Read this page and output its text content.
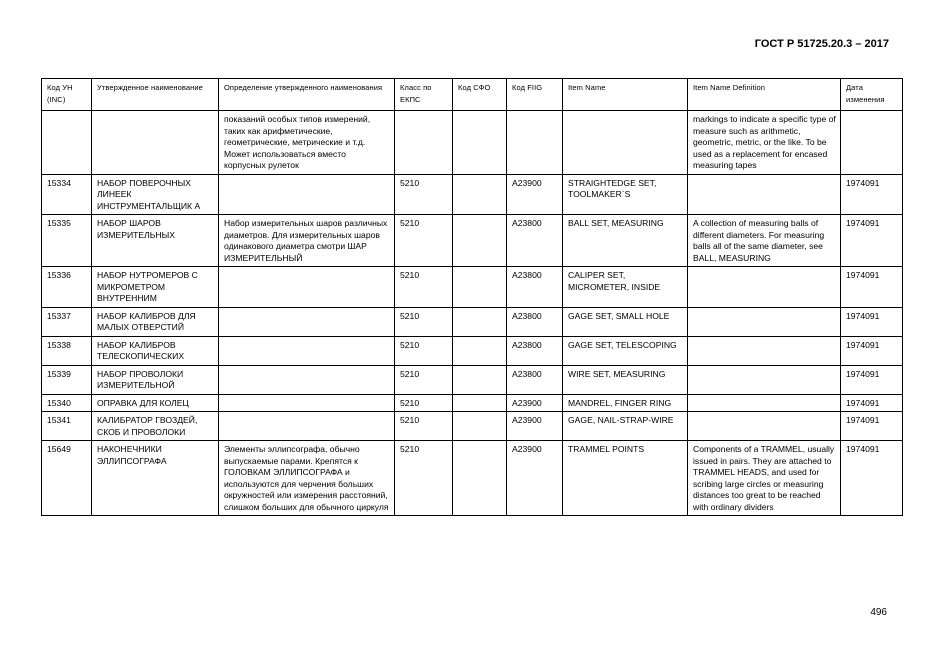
ГОСТ Р 51725.20.3 – 2017
Код УН (INC)	Утвержденное наименование	Определение утвержденного наименования	Класс по ЕКПС	Код СФО	Код FIIG	Item Name	Item Name Definition	Дата изменения
		показаний особых типов измерений, таких как арифметические, геометрические, метрические и т.д. Может использоваться вместо корпусных рулеток					markings to indicate a specific type of measure such as arithmetic, geometric, metric, or the like. To be used as a replacement for encased measuring tapes	
15334	НАБОР ПОВЕРОЧНЫХ ЛИНЕЕК ИНСТРУМЕНТАЛЬЩИК А		5210		A23900	STRAIGHTEDGE SET, TOOLMAKER`S		1974091
15335	НАБОР ШАРОВ ИЗМЕРИТЕЛЬНЫХ	Набор измерительных шаров различных диаметров. Для измерительных шаров одинакового диаметра смотри ШАР ИЗМЕРИТЕЛЬНЫЙ	5210		A23800	BALL SET, MEASURING	A collection of measuring balls of different diameters. For measuring balls all of the same diameter, see BALL, MEASURING	1974091
15336	НАБОР НУТРОМЕРОВ С МИКРОМЕТРОМ ВНУТРЕННИМ		5210		A23800	CALIPER SET, MICROMETER, INSIDE		1974091
15337	НАБОР КАЛИБРОВ ДЛЯ МАЛЫХ ОТВЕРСТИЙ		5210		A23800	GAGE SET, SMALL HOLE		1974091
15338	НАБОР КАЛИБРОВ ТЕЛЕСКОПИЧЕСКИХ		5210		A23800	GAGE SET, TELESCOPING		1974091
15339	НАБОР ПРОВОЛОКИ ИЗМЕРИТЕЛЬНОЙ		5210		A23800	WIRE SET, MEASURING		1974091
15340	ОПРАВКА ДЛЯ КОЛЕЦ		5210		A23900	MANDREL, FINGER RING		1974091
15341	КАЛИБРАТОР ГВОЗДЕЙ, СКОБ И ПРОВОЛОКИ		5210		A23900	GAGE, NAIL-STRAP-WIRE		1974091
15649	НАКОНЕЧНИКИ ЭЛЛИПСОГРАФА	Элементы эллипсографа, обычно выпускаемые парами. Крепятся к ГОЛОВКАМ ЭЛЛИПСОГРАФА и используются для черчения больших окружностей или измерения расстояний, слишком больших для обычного циркуля	5210		A23900	TRAMMEL POINTS	Components of a TRAMMEL, usually issued in pairs. They are attached to TRAMMEL HEADS, and used for scribing large circles or measuring distances too great to be reached with ordinary dividers	1974091
496
